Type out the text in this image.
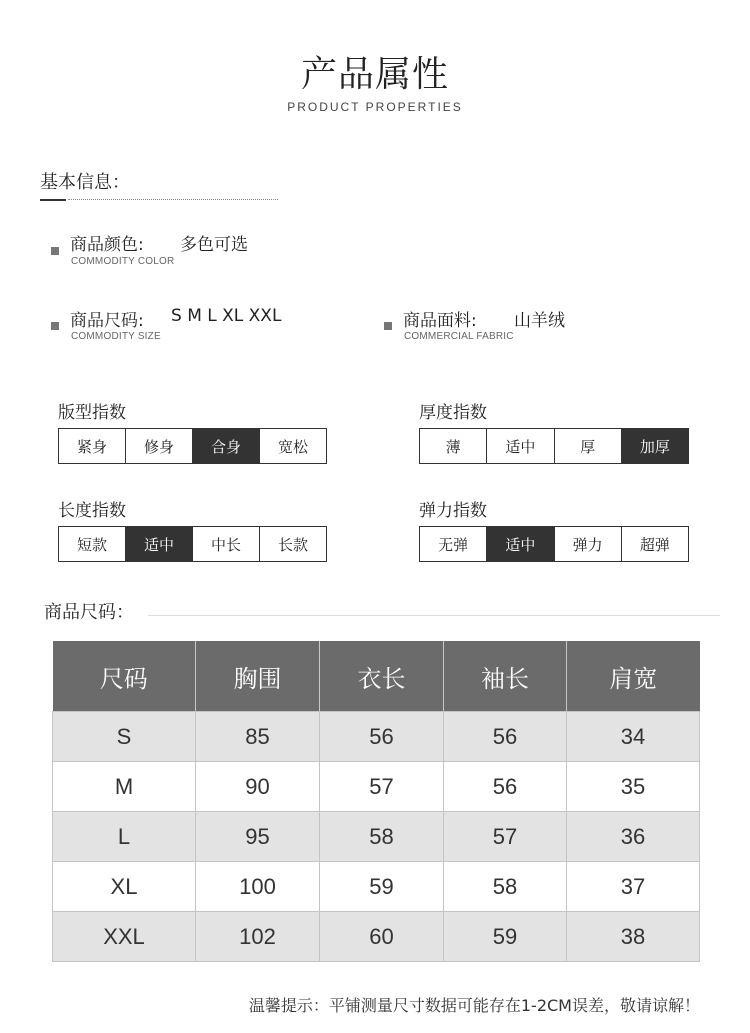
产品属性
PRODUCT PROPERTIES
基本信息：
商品颜色: 多色可选
COMMODITY COLOR
商品尺码: S M L XL XXL
COMMODITY SIZE
商品面料: 山羊绒
COMMERCIAL FABRIC
版型指数
紧身	修身	合身	宽松
厚度指数
薄	适中	厚	加厚
长度指数
短款	适中	中长	长款
弹力指数
无弹	适中	弹力	超弹
商品尺码：
尺码	胸围	衣长	袖长	肩宽
S	85	56	56	34
M	90	57	56	35
L	95	58	57	36
XL	100	59	58	37
XXL	102	60	59	38
温馨提示：平铺测量尺寸数据可能存在1-2CM误差，敬请谅解！
